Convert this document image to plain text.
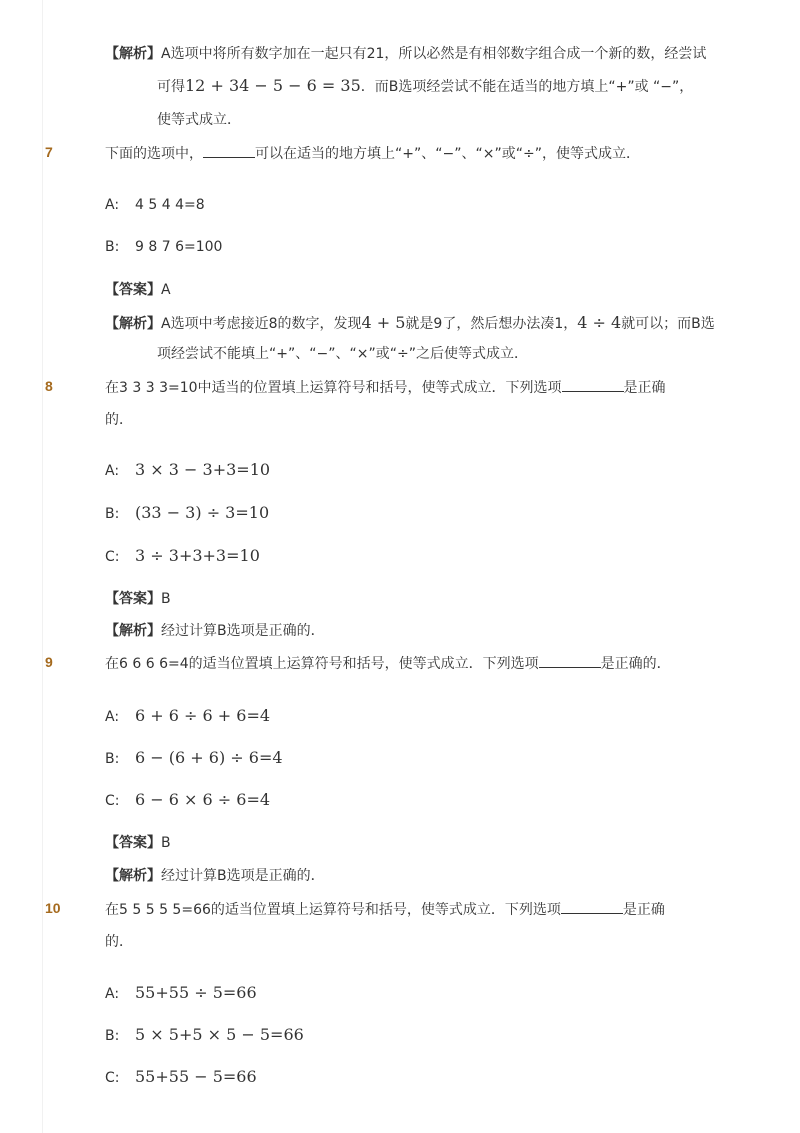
【解析】A选项中将所有数字加在一起只有21，所以必然是有相邻数字组合成一个新的数，经尝试
可得12 + 34 − 5 − 6 = 35．而B选项经尝试不能在适当的地方填上“+”或 “−”，
使等式成立．
7	下面的选项中，	可以在适当的地方填上“+”、“−”、“×”或“÷”，使等式成立．
A: 4 5 4 4=8
B: 9 8 7 6=100
【答案】A
【解析】A选项中考虑接近8的数字，发现4 + 5就是9了，然后想办法凑1，4 ÷ 4就可以；而B选
项经尝试不能填上“+”、“−”、“×”或“÷”之后使等式成立．
8	在3 3 3 3=10中适当的位置填上运算符号和括号，使等式成立．下列选项	是正确
的．
A: 3 × 3 − 3+3=10
B: (33 − 3) ÷ 3=10
C: 3 ÷ 3+3+3=10
【答案】B
【解析】经过计算B选项是正确的．
9	在6 6 6 6=4的适当位置填上运算符号和括号，使等式成立．下列选项	是正确的．
A: 6 + 6 ÷ 6 + 6=4
B: 6 − (6 + 6) ÷ 6=4
C: 6 − 6 × 6 ÷ 6=4
【答案】B
【解析】经过计算B选项是正确的．
10	在5 5 5 5 5=66的适当位置填上运算符号和括号，使等式成立．下列选项	是正确
的．
A: 55+55 ÷ 5=66
B: 5 × 5+5 × 5 − 5=66
C: 55+55 − 5=66
